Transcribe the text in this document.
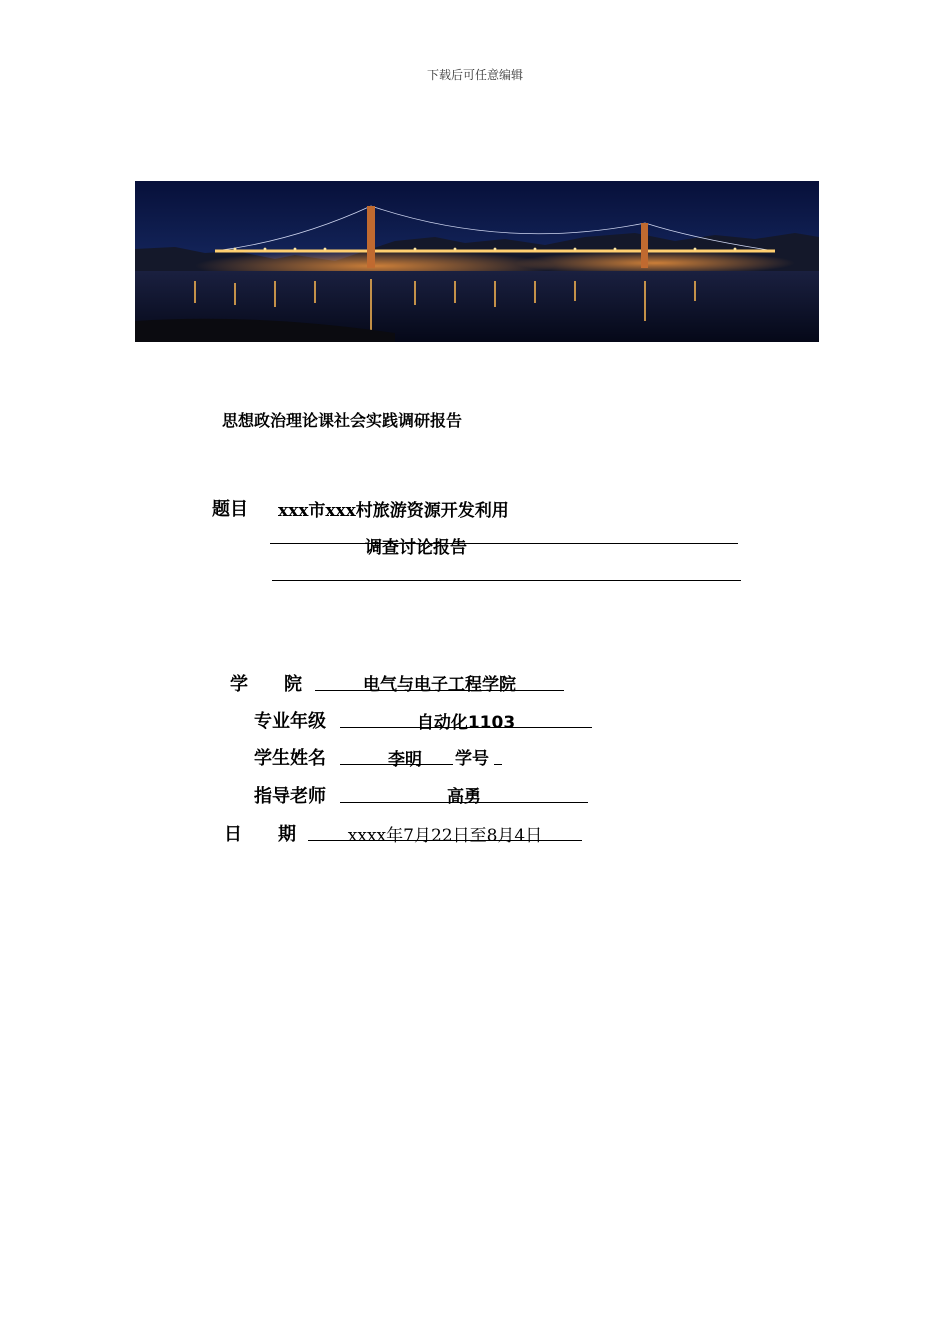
下载后可任意编辑
思想政治理论课社会实践调研报告
题目 xxx市xxx村旅游资源开发利用
调查讨论报告
学　　院	电气与电子工程学院
专业年级	自动化1103
学生姓名	李明	学号
指导老师	高勇
日　　期	xxxx年7月22日至8月4日
